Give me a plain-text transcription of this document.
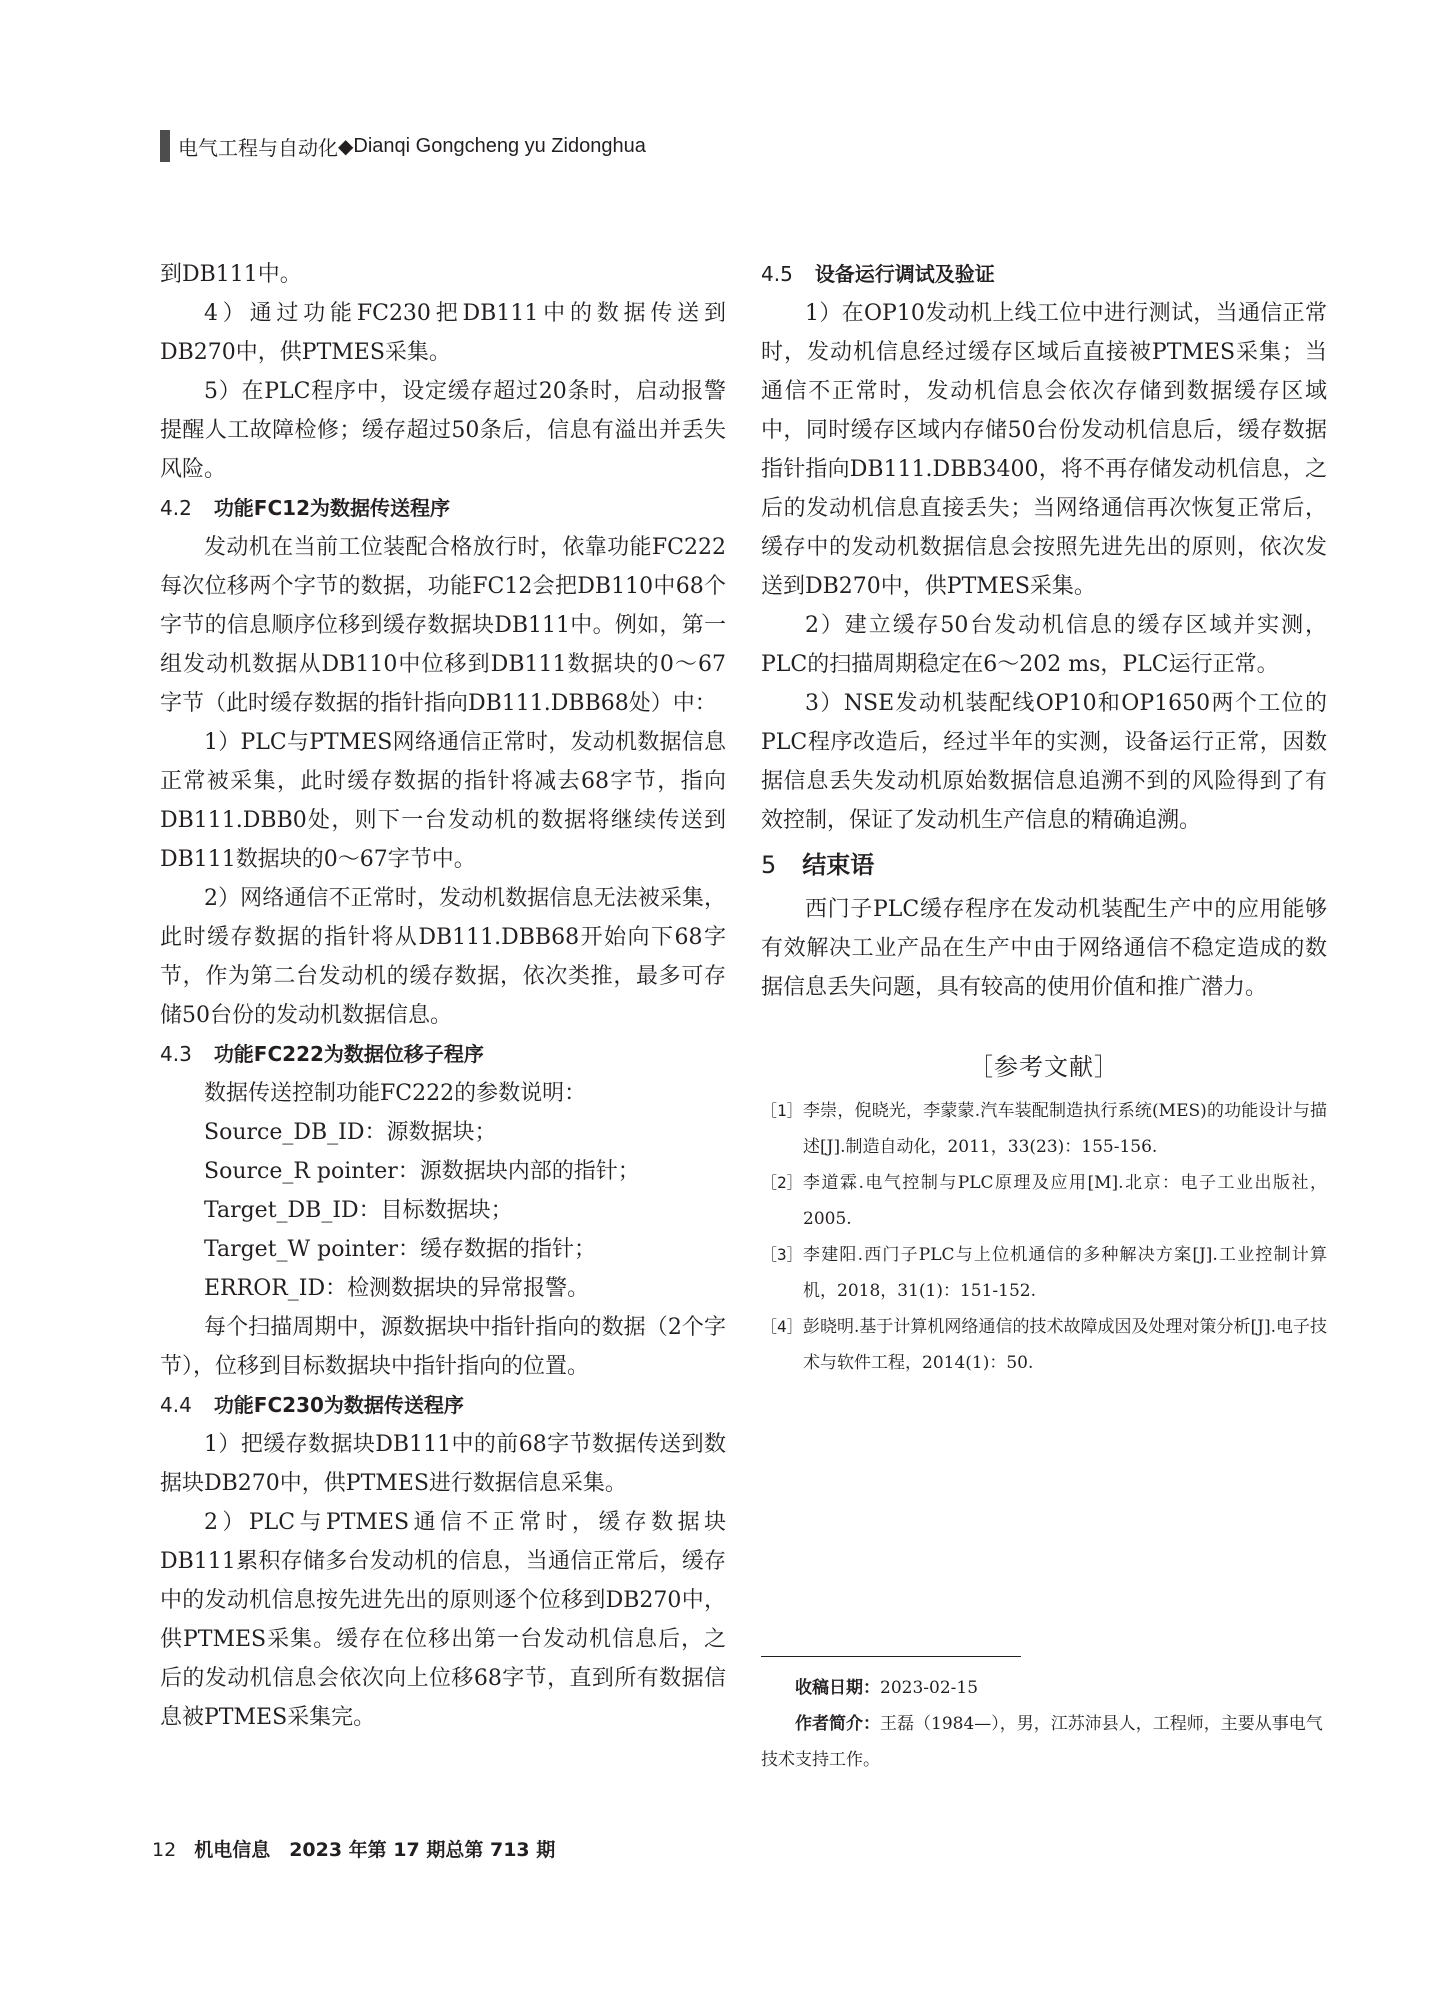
电气工程与自动化 ◆ Dianqi Gongcheng yu Zidonghua

到DB111中。

4）通过功能FC230把DB111中的数据传送到DB270中，供PTMES采集。

5）在PLC程序中，设定缓存超过20条时，启动报警提醒人工故障检修；缓存超过50条后，信息有溢出并丢失风险。

4.2 功能FC12为数据传送程序

发动机在当前工位装配合格放行时，依靠功能FC222每次位移两个字节的数据，功能FC12会把DB110中68个字节的信息顺序位移到缓存数据块DB111中。例如，第一组发动机数据从DB110中位移到DB111数据块的0～67字节（此时缓存数据的指针指向DB111.DBB68处）中：

1）PLC与PTMES网络通信正常时，发动机数据信息正常被采集，此时缓存数据的指针将减去68字节，指向DB111.DBB0处，则下一台发动机的数据将继续传送到DB111数据块的0～67字节中。

2）网络通信不正常时，发动机数据信息无法被采集，此时缓存数据的指针将从DB111.DBB68开始向下68字节，作为第二台发动机的缓存数据，依次类推，最多可存储50台份的发动机数据信息。

4.3 功能FC222为数据位移子程序

数据传送控制功能FC222的参数说明：

Source_DB_ID：源数据块；

Source_R pointer：源数据块内部的指针；

Target_DB_ID：目标数据块；

Target_W pointer：缓存数据的指针；

ERROR_ID：检测数据块的异常报警。

每个扫描周期中，源数据块中指针指向的数据（2个字节），位移到目标数据块中指针指向的位置。

4.4 功能FC230为数据传送程序

1）把缓存数据块DB111中的前68字节数据传送到数据块DB270中，供PTMES进行数据信息采集。

2）PLC与PTMES通信不正常时，缓存数据块DB111累积存储多台发动机的信息，当通信正常后，缓存中的发动机信息按先进先出的原则逐个位移到DB270中，供PTMES采集。缓存在位移出第一台发动机信息后，之后的发动机信息会依次向上位移68字节，直到所有数据信息被PTMES采集完。

4.5 设备运行调试及验证

1）在OP10发动机上线工位中进行测试，当通信正常时，发动机信息经过缓存区域后直接被PTMES采集；当通信不正常时，发动机信息会依次存储到数据缓存区域中，同时缓存区域内存储50台份发动机信息后，缓存数据指针指向DB111.DBB3400，将不再存储发动机信息，之后的发动机信息直接丢失；当网络通信再次恢复正常后，缓存中的发动机数据信息会按照先进先出的原则，依次发送到DB270中，供PTMES采集。

2）建立缓存50台发动机信息的缓存区域并实测，PLC的扫描周期稳定在6～202 ms，PLC运行正常。

3）NSE发动机装配线OP10和OP1650两个工位的PLC程序改造后，经过半年的实测，设备运行正常，因数据信息丢失发动机原始数据信息追溯不到的风险得到了有效控制，保证了发动机生产信息的精确追溯。

5 结束语

西门子PLC缓存程序在发动机装配生产中的应用能够有效解决工业产品在生产中由于网络通信不稳定造成的数据信息丢失问题，具有较高的使用价值和推广潜力。

［参考文献］
［1］ 李崇，倪晓光，李蒙蒙.汽车装配制造执行系统(MES)的功能设计与描述[J].制造自动化，2011，33(23)：155-156.
［2］ 李道霖.电气控制与PLC原理及应用[M].北京：电子工业出版社，2005.
［3］ 李建阳.西门子PLC与上位机通信的多种解决方案[J].工业控制计算机，2018，31(1)：151-152.
［4］ 彭晓明.基于计算机网络通信的技术故障成因及处理对策分析[J].电子技术与软件工程，2014(1)：50.

收稿日期：2023-02-15

作者简介：王磊（1984—），男，江苏沛县人，工程师，主要从事电气技术支持工作。

12 机电信息　2023 年第 17 期总第 713 期
